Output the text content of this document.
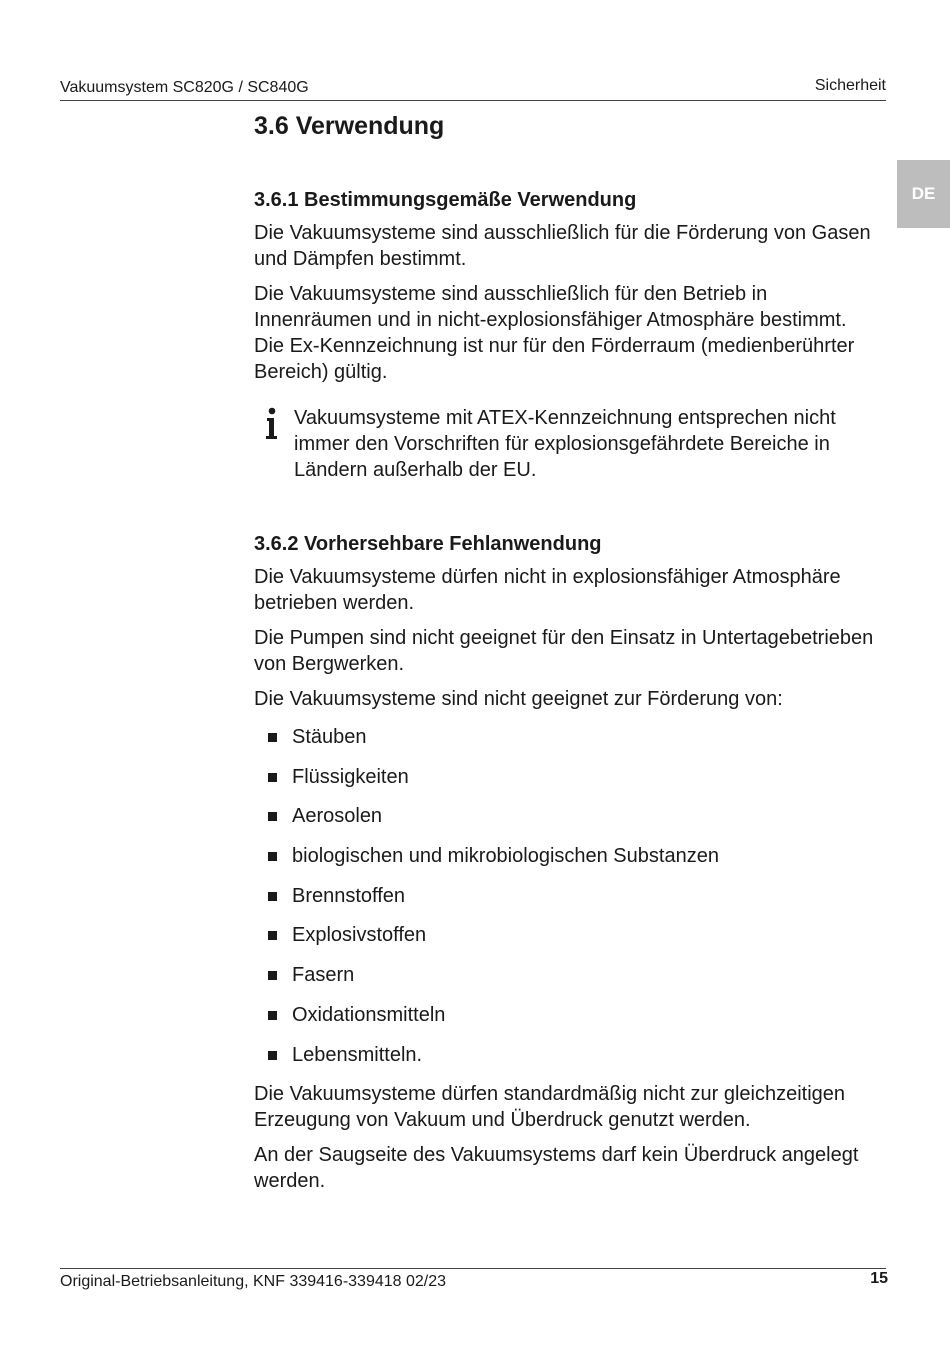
Vakuumsystem SC820G / SC840G	Sicherheit
DE
3.6 Verwendung
3.6.1 Bestimmungsgemäße Verwendung

Die Vakuumsysteme sind ausschließlich für die Förderung von Gasen und Dämpfen bestimmt.

Die Vakuumsysteme sind ausschließlich für den Betrieb in Innenräumen und in nicht-explosionsfähiger Atmosphäre bestimmt. Die Ex-Kennzeichnung ist nur für den Förderraum (medienberührter Bereich) gültig.

Vakuumsysteme mit ATEX-Kennzeichnung entsprechen nicht immer den Vorschriften für explosionsgefährdete Bereiche in Ländern außerhalb der EU.

3.6.2 Vorhersehbare Fehlanwendung

Die Vakuumsysteme dürfen nicht in explosionsfähiger Atmosphäre betrieben werden.

Die Pumpen sind nicht geeignet für den Einsatz in Untertagebetrieben von Bergwerken.

Die Vakuumsysteme sind nicht geeignet zur Förderung von:

Stäuben
Flüssigkeiten
Aerosolen
biologischen und mikrobiologischen Substanzen
Brennstoffen
Explosivstoffen
Fasern
Oxidationsmitteln
Lebensmitteln.

Die Vakuumsysteme dürfen standardmäßig nicht zur gleichzeitigen Erzeugung von Vakuum und Überdruck genutzt werden.

An der Saugseite des Vakuumsystems darf kein Überdruck angelegt werden.

Original-Betriebsanleitung, KNF 339416-339418 02/23	15
